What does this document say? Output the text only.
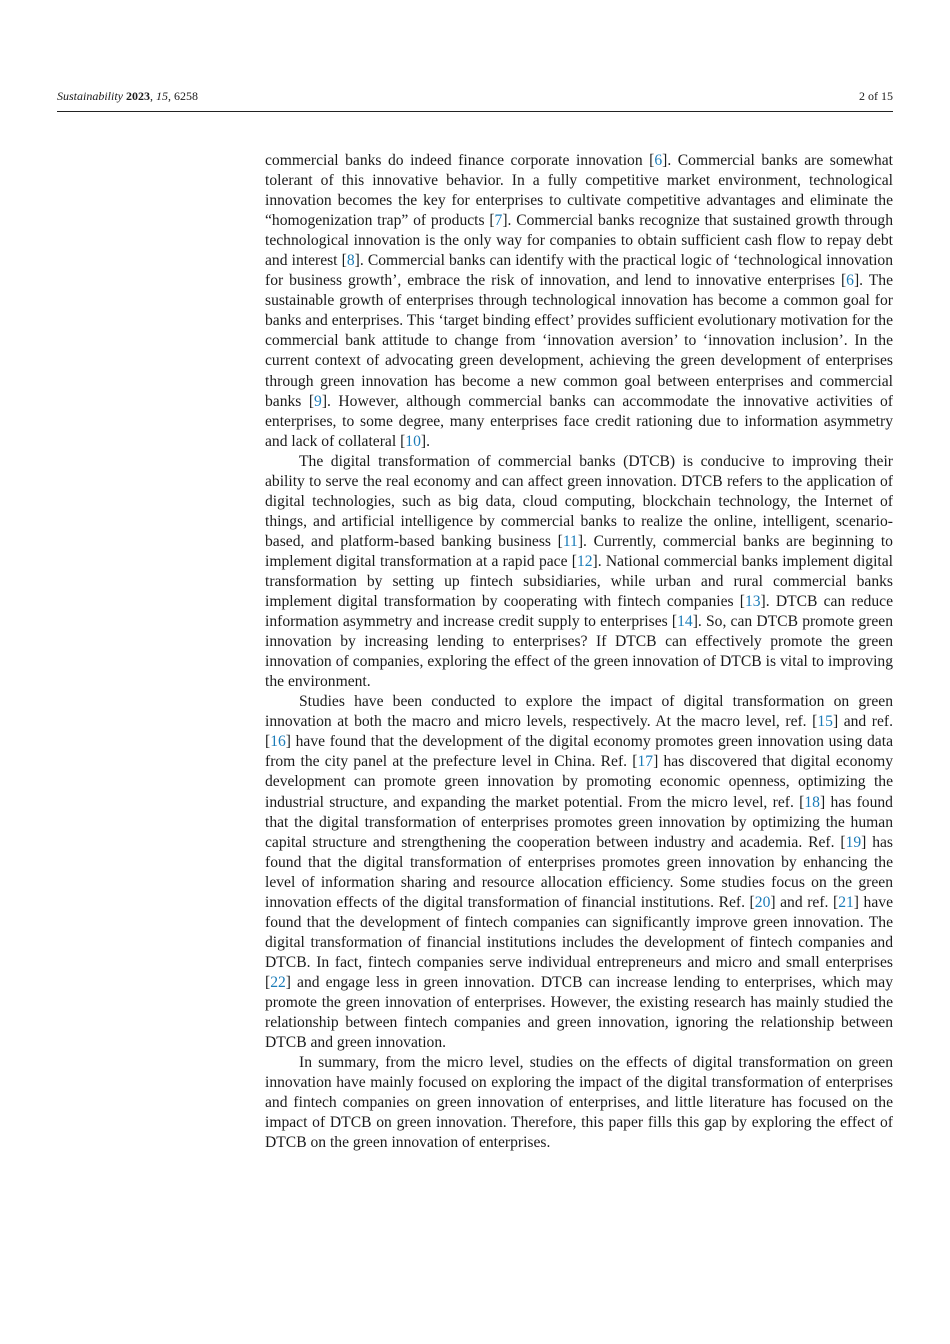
Sustainability 2023, 15, 6258	2 of 15

commercial banks do indeed finance corporate innovation [6]. Commercial banks are somewhat tolerant of this innovative behavior. In a fully competitive market environment, technological innovation becomes the key for enterprises to cultivate competitive advantages and eliminate the “homogenization trap” of products [7]. Commercial banks recognize that sustained growth through technological innovation is the only way for companies to obtain sufficient cash flow to repay debt and interest [8]. Commercial banks can identify with the practical logic of ‘technological innovation for business growth’, embrace the risk of innovation, and lend to innovative enterprises [6]. The sustainable growth of enterprises through technological innovation has become a common goal for banks and enterprises. This ‘target binding effect’ provides sufficient evolutionary motivation for the commercial bank attitude to change from ‘innovation aversion’ to ‘innovation inclusion’. In the current context of advocating green development, achieving the green development of enterprises through green innovation has become a new common goal between enterprises and commercial banks [9]. However, although commercial banks can accommodate the innovative activities of enterprises, to some degree, many enterprises face credit rationing due to information asymmetry and lack of collateral [10].

The digital transformation of commercial banks (DTCB) is conducive to improving their ability to serve the real economy and can affect green innovation. DTCB refers to the application of digital technologies, such as big data, cloud computing, blockchain technology, the Internet of things, and artificial intelligence by commercial banks to realize the online, intelligent, scenario-based, and platform-based banking business [11]. Currently, commercial banks are beginning to implement digital transformation at a rapid pace [12]. National commercial banks implement digital transformation by setting up fintech subsidiaries, while urban and rural commercial banks implement digital transformation by cooperating with fintech companies [13]. DTCB can reduce information asymmetry and increase credit supply to enterprises [14]. So, can DTCB promote green innovation by increasing lending to enterprises? If DTCB can effectively promote the green innovation of companies, exploring the effect of the green innovation of DTCB is vital to improving the environment.

Studies have been conducted to explore the impact of digital transformation on green innovation at both the macro and micro levels, respectively. At the macro level, ref. [15] and ref. [16] have found that the development of the digital economy promotes green innovation using data from the city panel at the prefecture level in China. Ref. [17] has discovered that digital economy development can promote green innovation by promoting economic openness, optimizing the industrial structure, and expanding the market potential. From the micro level, ref. [18] has found that the digital transformation of enterprises promotes green innovation by optimizing the human capital structure and strengthening the cooperation between industry and academia. Ref. [19] has found that the digital transformation of enterprises promotes green innovation by enhancing the level of information sharing and resource allocation efficiency. Some studies focus on the green innovation effects of the digital transformation of financial institutions. Ref. [20] and ref. [21] have found that the development of fintech companies can significantly improve green innovation. The digital transformation of financial institutions includes the development of fintech companies and DTCB. In fact, fintech companies serve individual entrepreneurs and micro and small enterprises [22] and engage less in green innovation. DTCB can increase lending to enterprises, which may promote the green innovation of enterprises. However, the existing research has mainly studied the relationship between fintech companies and green innovation, ignoring the relationship between DTCB and green innovation.

In summary, from the micro level, studies on the effects of digital transformation on green innovation have mainly focused on exploring the impact of the digital transformation of enterprises and fintech companies on green innovation of enterprises, and little literature has focused on the impact of DTCB on green innovation. Therefore, this paper fills this gap by exploring the effect of DTCB on the green innovation of enterprises.
